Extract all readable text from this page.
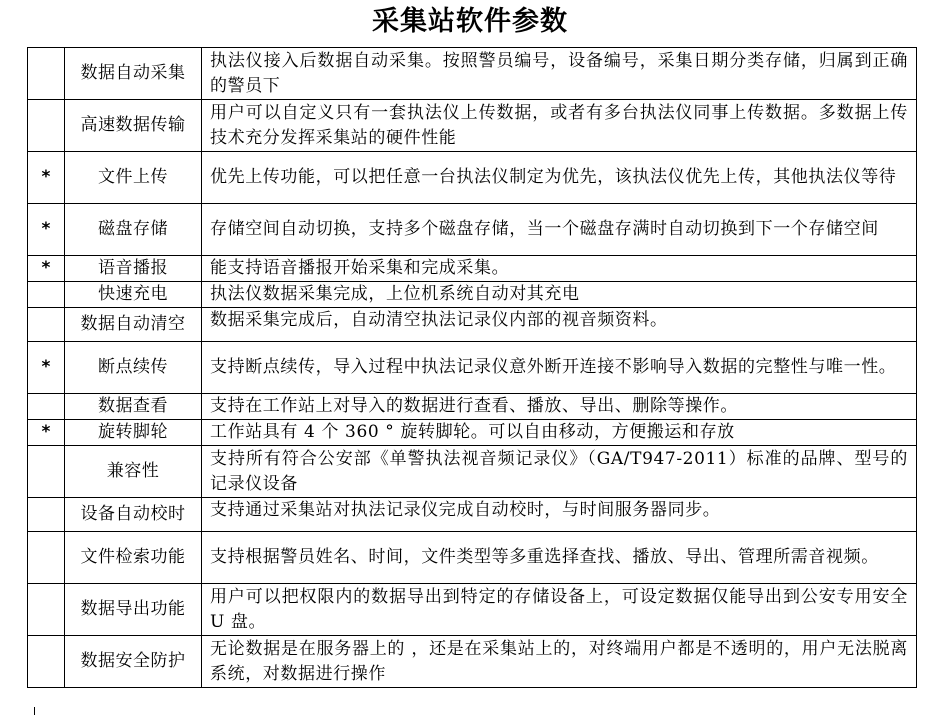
采集站软件参数
	数据自动采集	执法仪接入后数据自动采集。按照警员编号，设备编号，采集日期分类存储，归属到正确的警员下
	高速数据传输	用户可以自定义只有一套执法仪上传数据，或者有多台执法仪同事上传数据。多数据上传技术充分发挥采集站的硬件性能
*	文件上传	优先上传功能，可以把任意一台执法仪制定为优先，该执法仪优先上传，其他执法仪等待
*	磁盘存储	存储空间自动切换，支持多个磁盘存储，当一个磁盘存满时自动切换到下一个存储空间
*	语音播报	能支持语音播报开始采集和完成采集。
	快速充电	执法仪数据采集完成，上位机系统自动对其充电
	数据自动清空	数据采集完成后，自动清空执法记录仪内部的视音频资料。
*	断点续传	支持断点续传，导入过程中执法记录仪意外断开连接不影响导入数据的完整性与唯一性。
	数据查看	支持在工作站上对导入的数据进行查看、播放、导出、删除等操作。
*	旋转脚轮	工作站具有 4 个 360 ° 旋转脚轮。可以自由移动，方便搬运和存放
	兼容性	支持所有符合公安部《单警执法视音频记录仪》（GA/T947-2011）标准的品牌、型号的记录仪设备
	设备自动校时	支持通过采集站对执法记录仪完成自动校时，与时间服务器同步。
	文件检索功能	支持根据警员姓名、时间，文件类型等多重选择查找、播放、导出、管理所需音视频。
	数据导出功能	用户可以把权限内的数据导出到特定的存储设备上，可设定数据仅能导出到公安专用安全 U 盘。
	数据安全防护	无论数据是在服务器上的 ，还是在采集站上的，对终端用户都是不透明的，用户无法脱离系统，对数据进行操作
